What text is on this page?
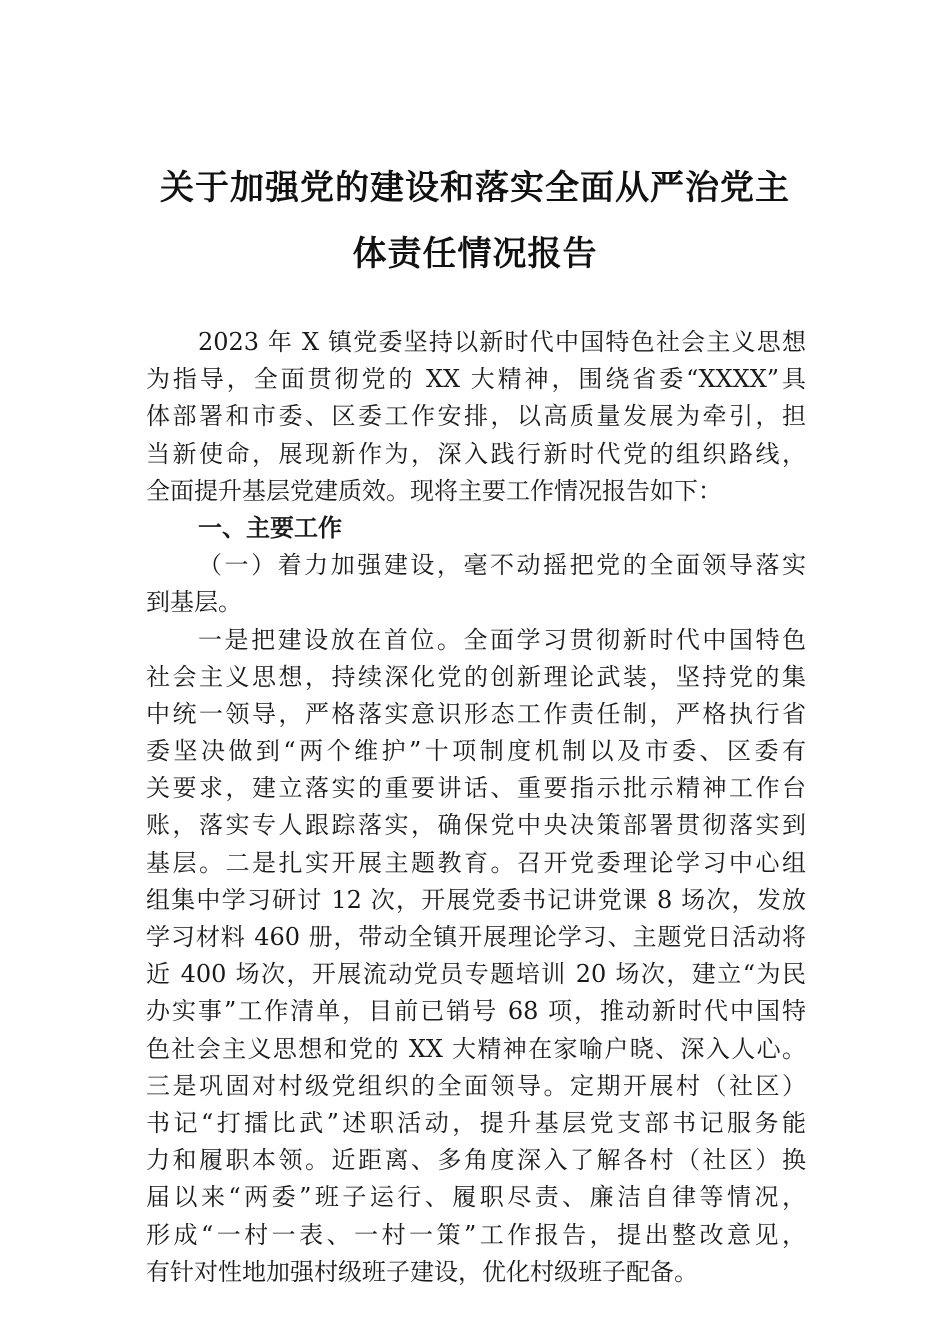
关于加强党的建设和落实全面从严治党主
体责任情况报告
2023 年 X 镇党委坚持以新时代中国特色社会主义思想
为指导，全面贯彻党的 XX 大精神，围绕省委“XXXX”具
体部署和市委、区委工作安排，以高质量发展为牵引，担
当新使命，展现新作为，深入践行新时代党的组织路线，
全面提升基层党建质效。现将主要工作情况报告如下：
一、主要工作
（一）着力加强建设，毫不动摇把党的全面领导落实
到基层。
一是把建设放在首位。全面学习贯彻新时代中国特色
社会主义思想，持续深化党的创新理论武装，坚持党的集
中统一领导，严格落实意识形态工作责任制，严格执行省
委坚决做到“两个维护”十项制度机制以及市委、区委有
关要求，建立落实的重要讲话、重要指示批示精神工作台
账，落实专人跟踪落实，确保党中央决策部署贯彻落实到
基层。二是扎实开展主题教育。召开党委理论学习中心组
组集中学习研讨 12 次，开展党委书记讲党课 8 场次，发放
学习材料 460 册，带动全镇开展理论学习、主题党日活动将
近 400 场次，开展流动党员专题培训 20 场次，建立“为民
办实事”工作清单，目前已销号 68 项，推动新时代中国特
色社会主义思想和党的 XX 大精神在家喻户晓、深入人心。
三是巩固对村级党组织的全面领导。定期开展村（社区）
书记“打擂比武”述职活动，提升基层党支部书记服务能
力和履职本领。近距离、多角度深入了解各村（社区）换
届以来“两委”班子运行、履职尽责、廉洁自律等情况，
形成“一村一表、一村一策”工作报告，提出整改意见，
有针对性地加强村级班子建设，优化村级班子配备。
